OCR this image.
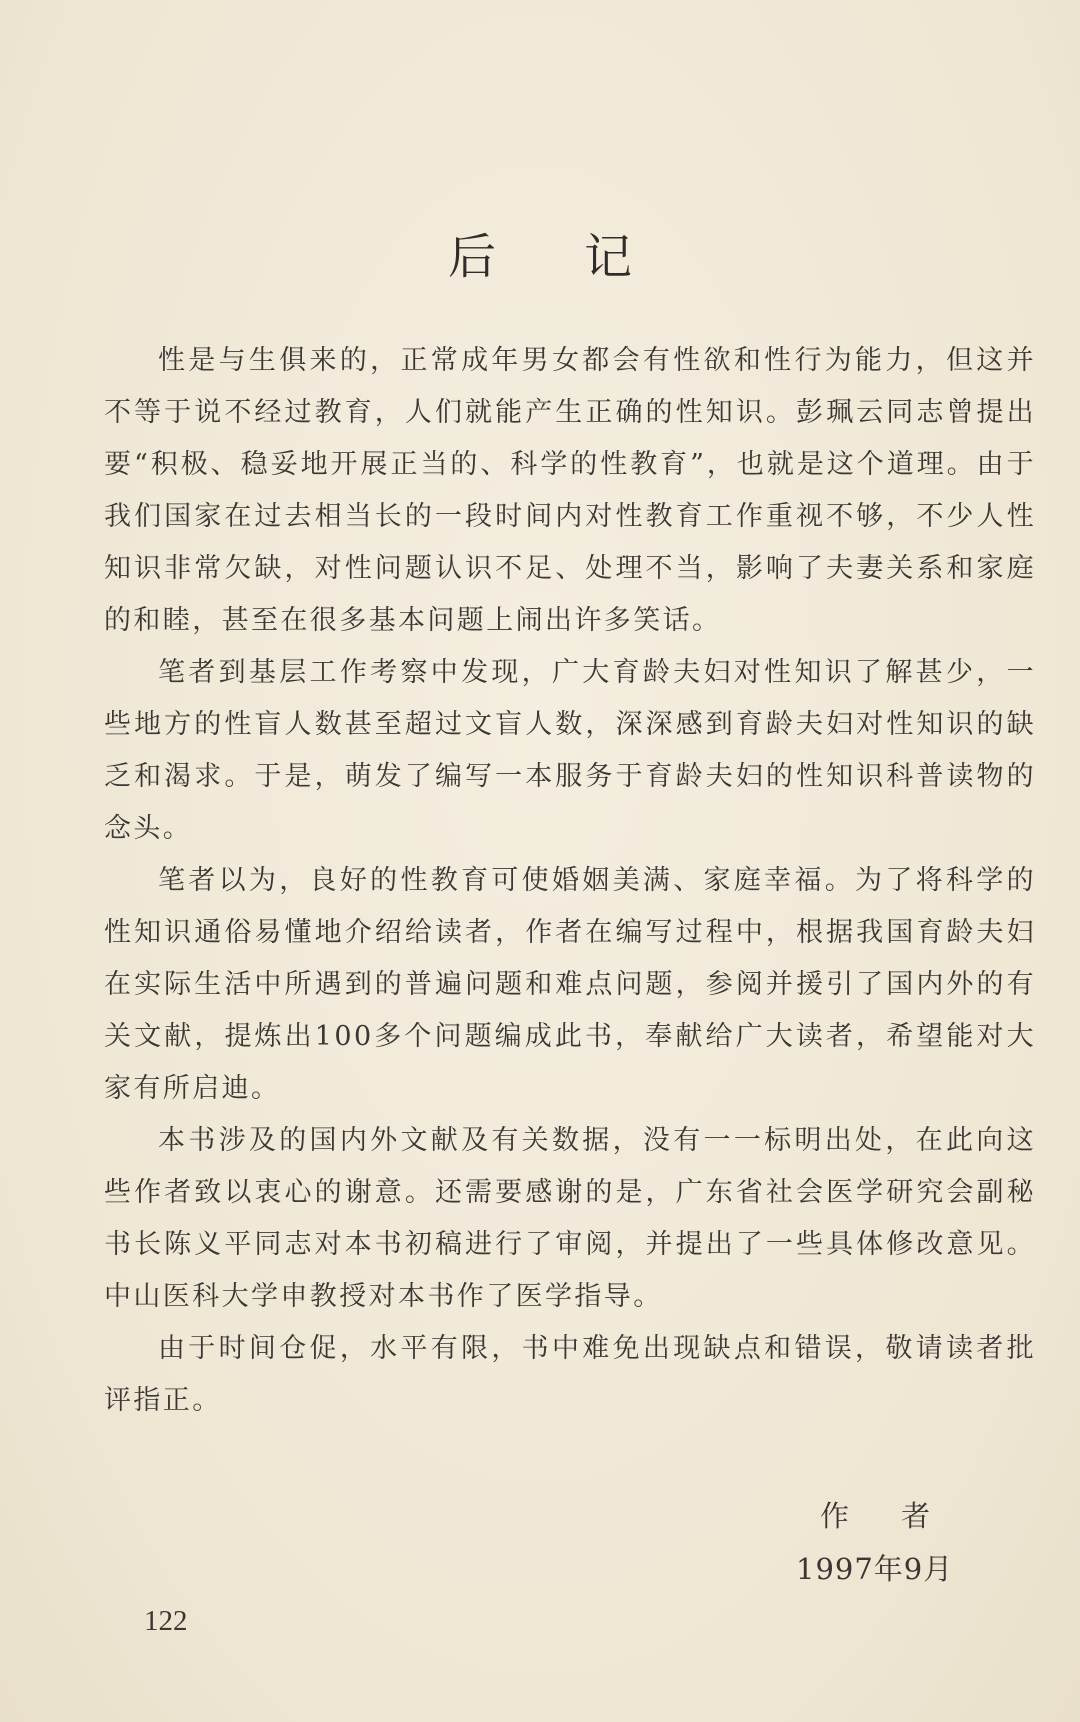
后记

性是与生俱来的，正常成年男女都会有性欲和性行为能力，但这并不等于说不经过教育，人们就能产生正确的性知识。彭珮云同志曾提出要“积极、稳妥地开展正当的、科学的性教育”，也就是这个道理。由于我们国家在过去相当长的一段时间内对性教育工作重视不够，不少人性知识非常欠缺，对性问题认识不足、处理不当，影响了夫妻关系和家庭的和睦，甚至在很多基本问题上闹出许多笑话。

笔者到基层工作考察中发现，广大育龄夫妇对性知识了解甚少，一些地方的性盲人数甚至超过文盲人数，深深感到育龄夫妇对性知识的缺乏和渴求。于是，萌发了编写一本服务于育龄夫妇的性知识科普读物的念头。

笔者以为，良好的性教育可使婚姻美满、家庭幸福。为了将科学的性知识通俗易懂地介绍给读者，作者在编写过程中，根据我国育龄夫妇在实际生活中所遇到的普遍问题和难点问题，参阅并援引了国内外的有关文献，提炼出100多个问题编成此书，奉献给广大读者，希望能对大家有所启迪。

本书涉及的国内外文献及有关数据，没有一一标明出处，在此向这些作者致以衷心的谢意。还需要感谢的是，广东省社会医学研究会副秘书长陈义平同志对本书初稿进行了审阅，并提出了一些具体修改意见。中山医科大学申教授对本书作了医学指导。

由于时间仓促，水平有限，书中难免出现缺点和错误，敬请读者批评指正。

作者
1997年9月
122
